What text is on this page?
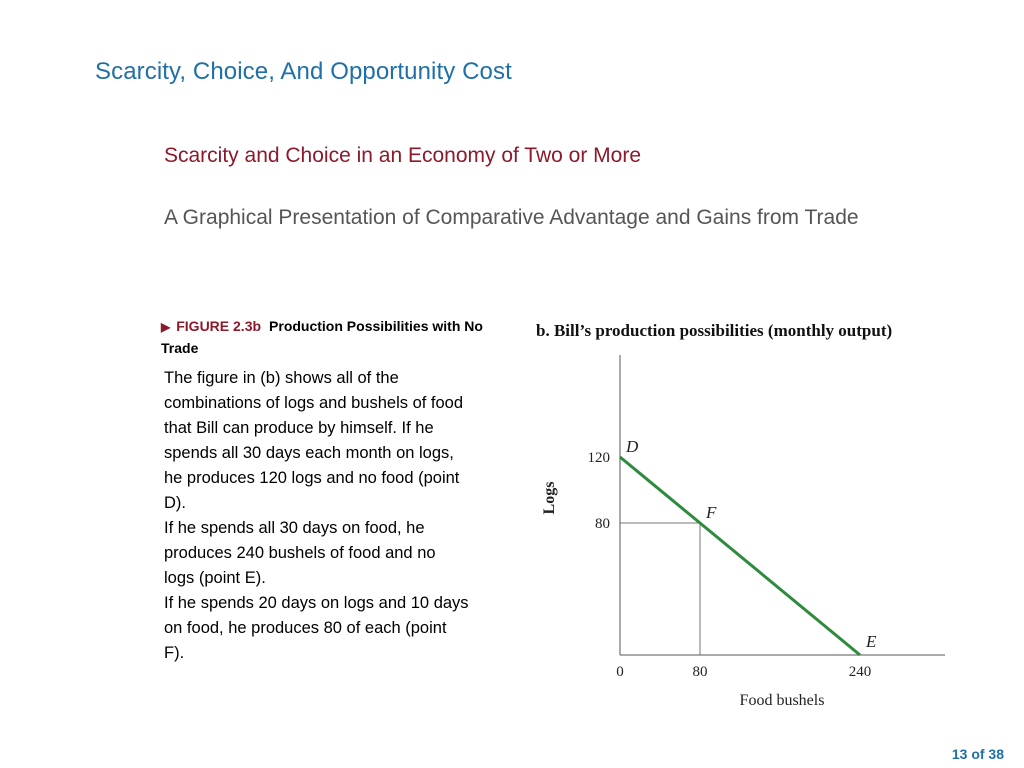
Scarcity, Choice, And Opportunity Cost
Scarcity and Choice in an Economy of Two or More
A Graphical Presentation of Comparative Advantage and Gains from Trade
▶ FIGURE 2.3b Production Possibilities with No Trade

The figure in (b) shows all of the combinations of logs and bushels of food that Bill can produce by himself. If he spends all 30 days each month on logs, he produces 120 logs and no food (point D).

If he spends all 30 days on food, he produces 240 bushels of food and no logs (point E).

If he spends 20 days on logs and 10 days on food, he produces 80 of each (point F).

b. Bill’s production possibilities (monthly output)
D
F
E
0	80	240
120
80
Food bushels
Logs
13 of 38
